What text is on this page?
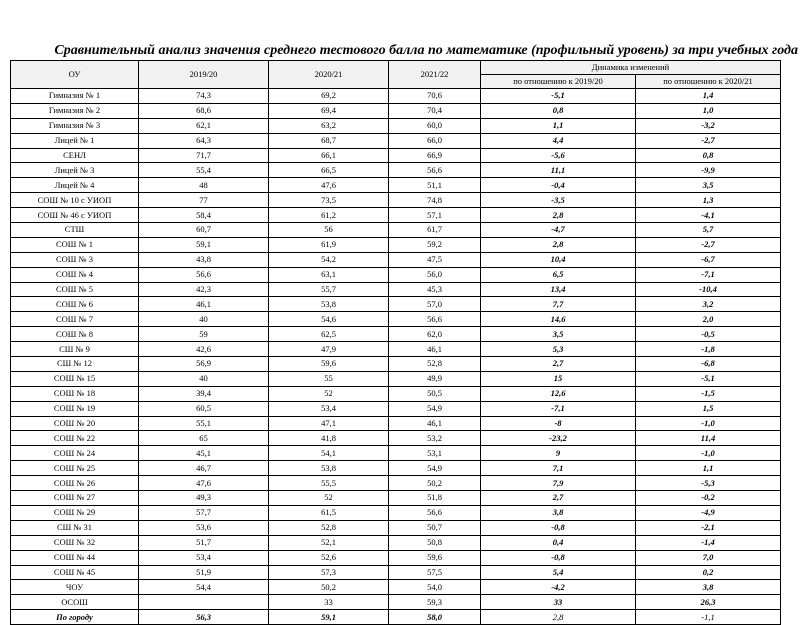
Сравнительный анализ значения среднего тестового балла по математике (профильный уровень) за три учебных года
ОУ	2019/20	2020/21	2021/22	Динамика изменений	
				по отношению к 2019/20	по отношению к 2020/21
Гимназия № 1	74,3	69,2	70,6	-5,1	1,4
Гимназия № 2	68,6	69,4	70,4	0,8	1,0
Гимназия № 3	62,1	63,2	60,0	1,1	-3,2
Лицей № 1	64,3	68,7	66,0	4,4	-2,7
СЕНЛ	71,7	66,1	66,9	-5,6	0,8
Лицей № 3	55,4	66,5	56,6	11,1	-9,9
Лицей № 4	48	47,6	51,1	-0,4	3,5
СОШ № 10 с УИОП	77	73,5	74,8	-3,5	1,3
СОШ № 46 с УИОП	58,4	61,2	57,1	2,8	-4,1
СТШ	60,7	56	61,7	-4,7	5,7
СОШ № 1	59,1	61,9	59,2	2,8	-2,7
СОШ № 3	43,8	54,2	47,5	10,4	-6,7
СОШ № 4	56,6	63,1	56,0	6,5	-7,1
СОШ № 5	42,3	55,7	45,3	13,4	-10,4
СОШ № 6	46,1	53,8	57,0	7,7	3,2
СОШ № 7	40	54,6	56,6	14,6	2,0
СОШ № 8	59	62,5	62,0	3,5	-0,5
СШ № 9	42,6	47,9	46,1	5,3	-1,8
СШ № 12	56,9	59,6	52,8	2,7	-6,8
СОШ № 15	40	55	49,9	15	-5,1
СОШ № 18	39,4	52	50,5	12,6	-1,5
СОШ № 19	60,5	53,4	54,9	-7,1	1,5
СОШ № 20	55,1	47,1	46,1	-8	-1,0
СОШ № 22	65	41,8	53,2	-23,2	11,4
СОШ № 24	45,1	54,1	53,1	9	-1,0
СОШ № 25	46,7	53,8	54,9	7,1	1,1
СОШ № 26	47,6	55,5	50,2	7,9	-5,3
СОШ № 27	49,3	52	51,8	2,7	-0,2
СОШ № 29	57,7	61,5	56,6	3,8	-4,9
СШ № 31	53,6	52,8	50,7	-0,8	-2,1
СОШ № 32	51,7	52,1	50,8	0,4	-1,4
СОШ № 44	53,4	52,6	59,6	-0,8	7,0
СОШ № 45	51,9	57,3	57,5	5,4	0,2
ЧОУ	54,4	50,2	54,0	-4,2	3,8
ОСОШ		33	59,3	33	26,3
По городу	56,3	59,1	58,0	2,8	-1,1
